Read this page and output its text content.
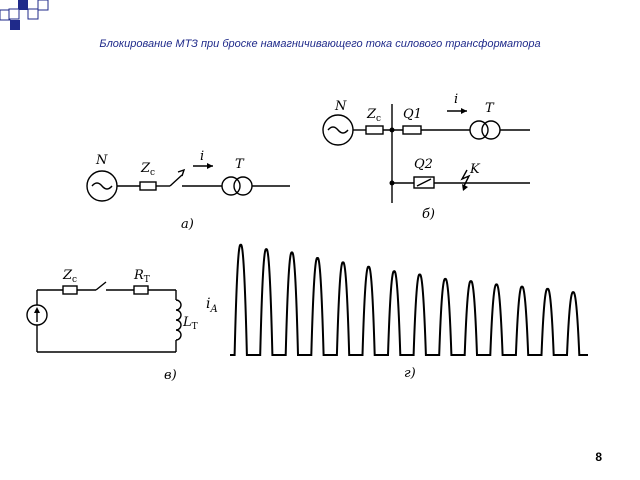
Блокирование МТЗ при броске намагничивающего тока силового трансформатора
N
$Z_c$
i
T
а)
N
$Z_c$ Q1
i
T
Q2	K
б)
$Z_c$	$R_T$
$L_T$
в)
$i_A$
г)
8
